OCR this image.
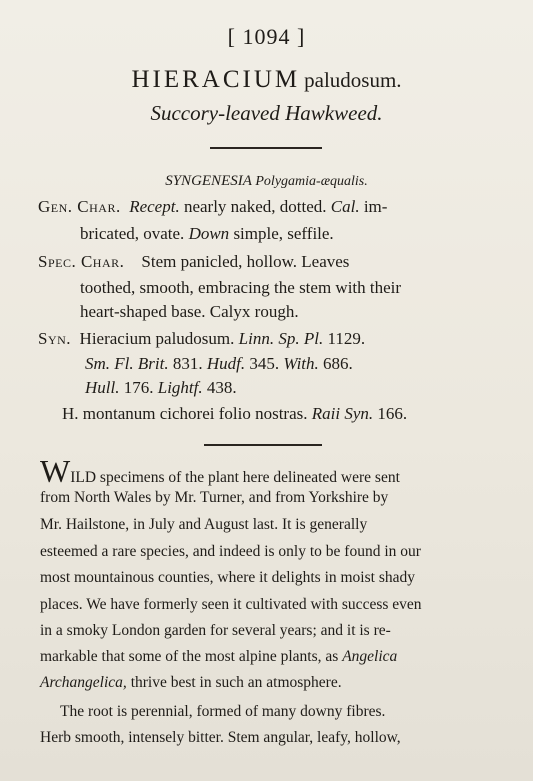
[ 1094 ]
HIERACIUM paludosum.
Succory-leaved Hawkweed.
SYNGENESIA Polygamia-æqualis.
Gen. Char. Recept. nearly naked, dotted. Cal. im-
bricated, ovate. Down simple, seffile.
Spec. Char. Stem panicled, hollow. Leaves
toothed, smooth, embracing the stem with their
heart-shaped base. Calyx rough.
Syn. Hieracium paludosum. Linn. Sp. Pl. 1129.
Sm. Fl. Brit. 831. Hudf. 345. With. 686.
Hull. 176. Lightf. 438.
H. montanum cichorei folio nostras. Raii Syn. 166.
WILD specimens of the plant here delineated were sent
from North Wales by Mr. Turner, and from Yorkshire by
Mr. Hailstone, in July and August last. It is generally
esteemed a rare species, and indeed is only to be found in our
most mountainous counties, where it delights in moist shady
places. We have formerly seen it cultivated with success even
in a smoky London garden for several years; and it is re-
markable that some of the most alpine plants, as Angelica
Archangelica, thrive best in such an atmosphere.
The root is perennial, formed of many downy fibres.
Herb smooth, intensely bitter. Stem angular, leafy, hollow,
